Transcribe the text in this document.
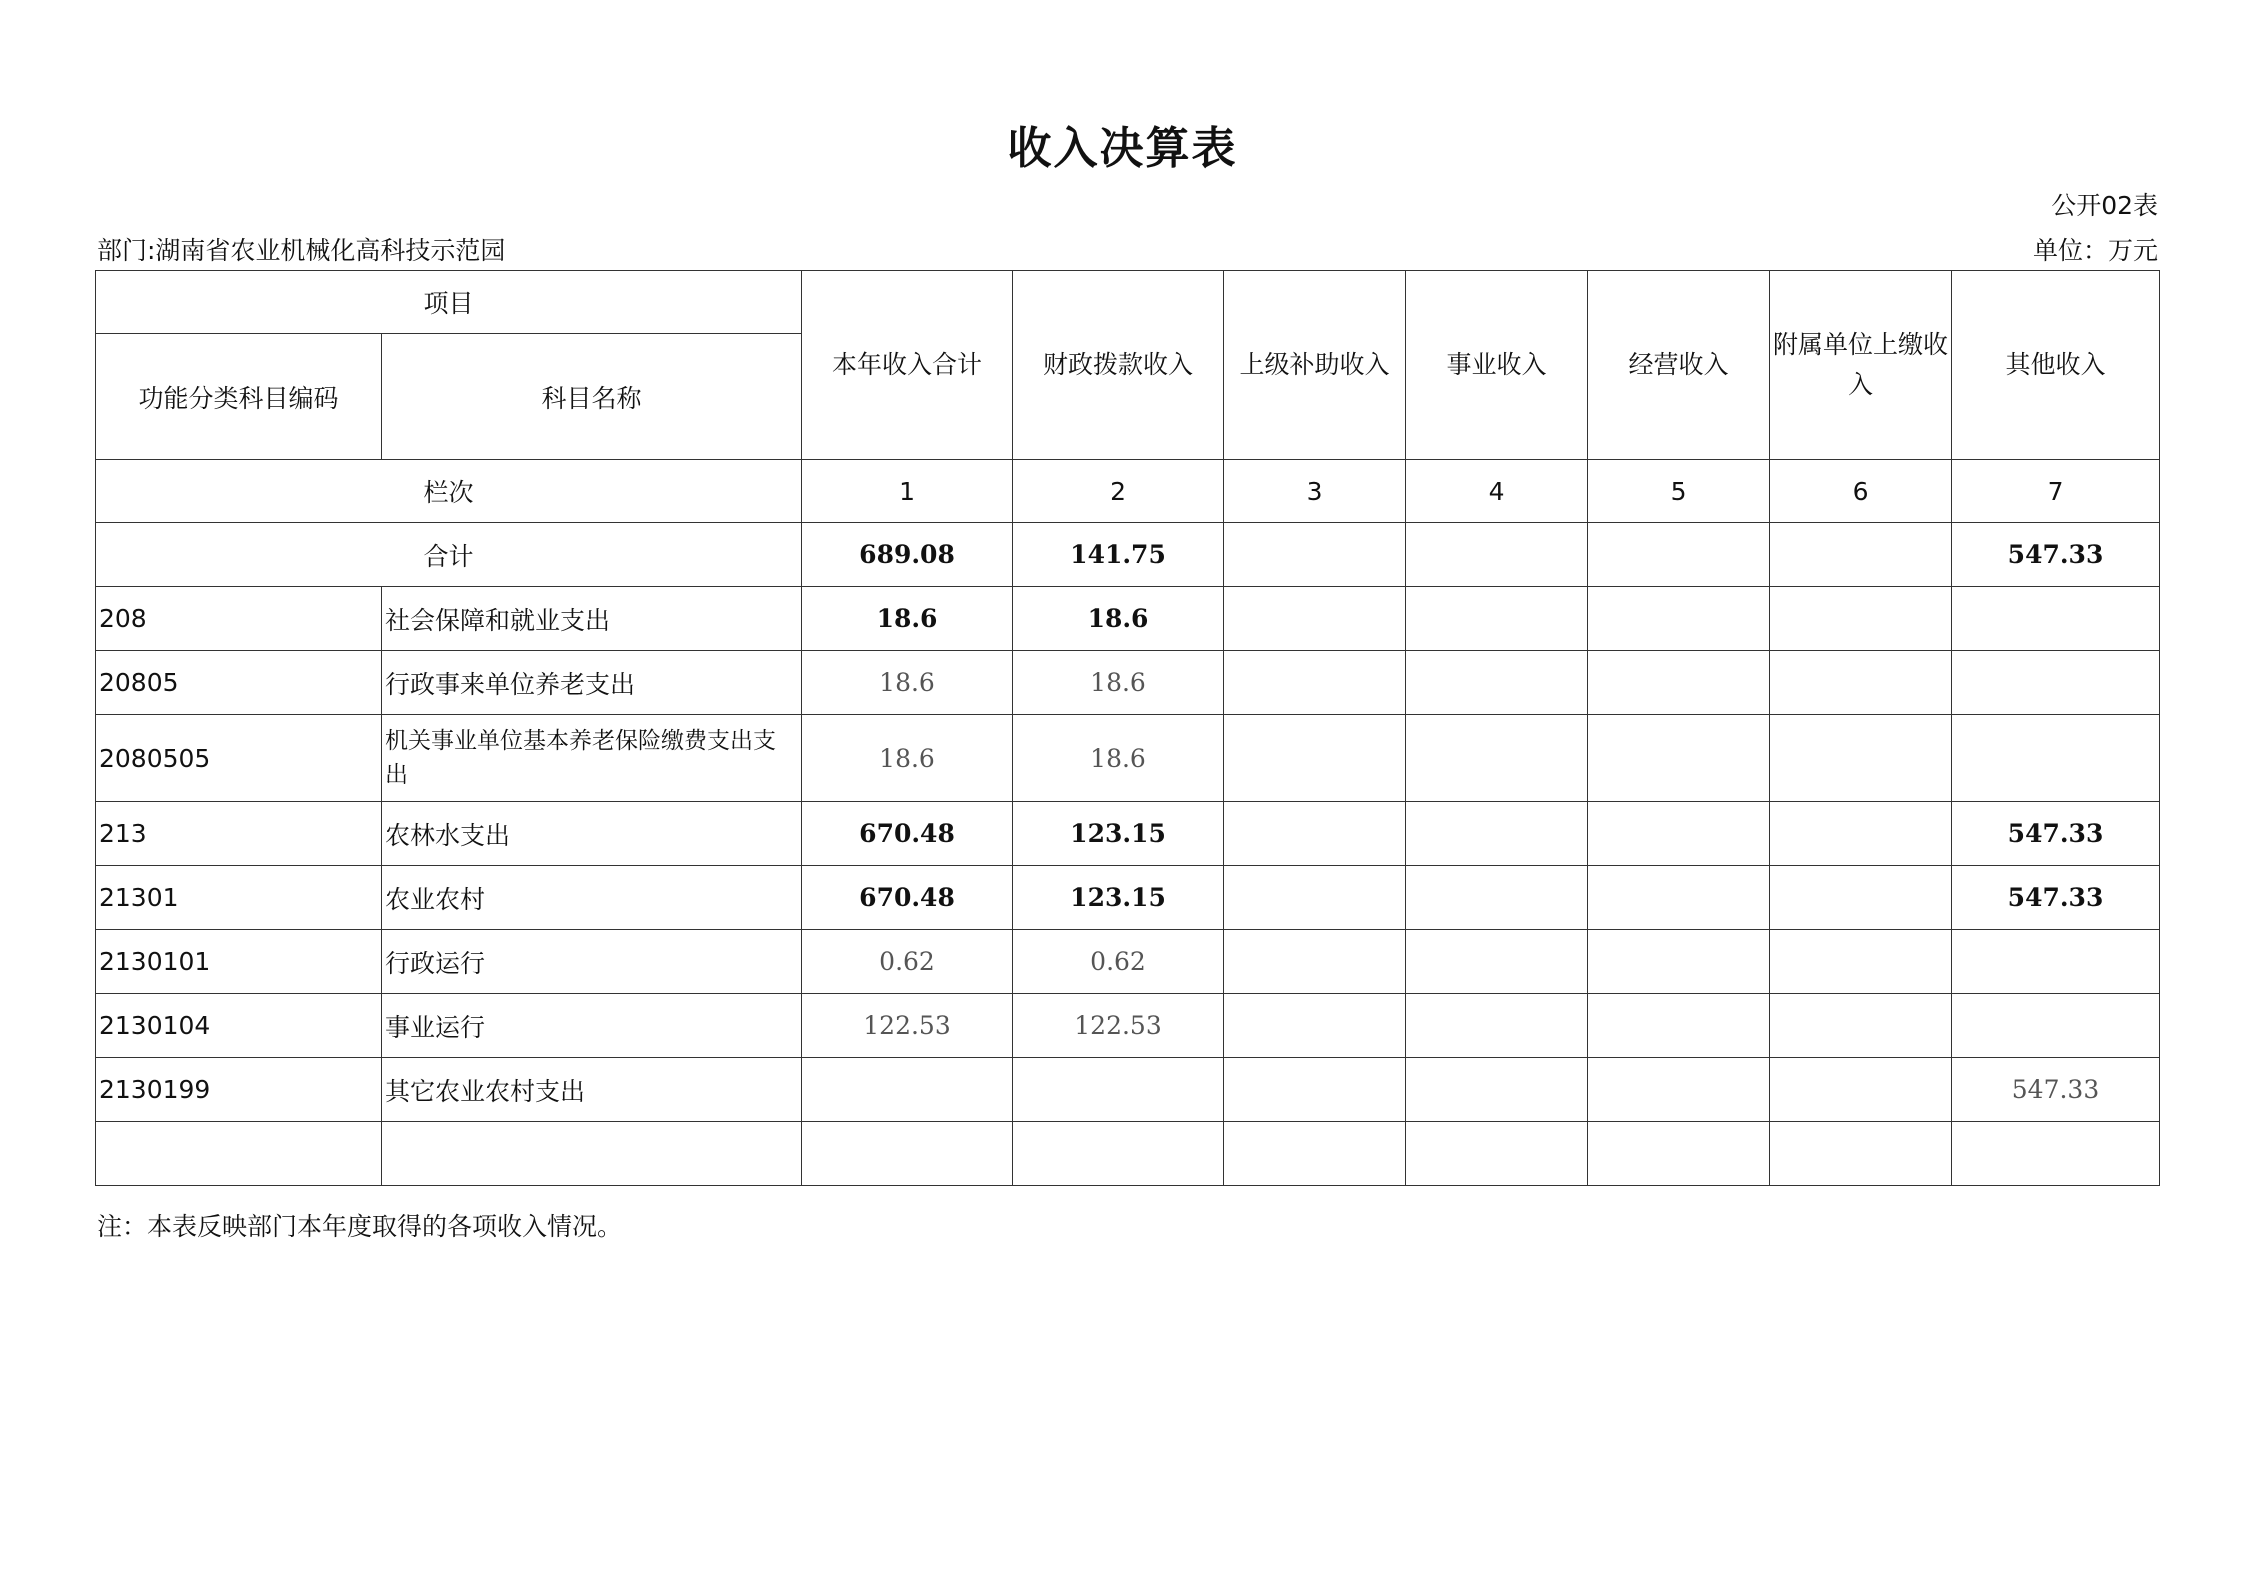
收入决算表
公开02表
部门:湖南省农业机械化高科技示范园	单位：万元
项目		本年收入合计	财政拨款收入	上级补助收入	事业收入	经营收入	附属单位上缴收入	其他收入
功能分类科目编码	科目名称							
栏次		1	2	3	4	5	6	7
合计		689.08	141.75					547.33
208	社会保障和就业支出	18.6	18.6					
20805	行政事来单位养老支出	18.6	18.6					
2080505	机关事业单位基本养老保险缴费支出支出	18.6	18.6					
213	农林水支出	670.48	123.15					547.33
21301	农业农村	670.48	123.15					547.33
2130101	行政运行	0.62	0.62					
2130104	事业运行	122.53	122.53					
2130199	其它农业农村支出							547.33

注：本表反映部门本年度取得的各项收入情况。
